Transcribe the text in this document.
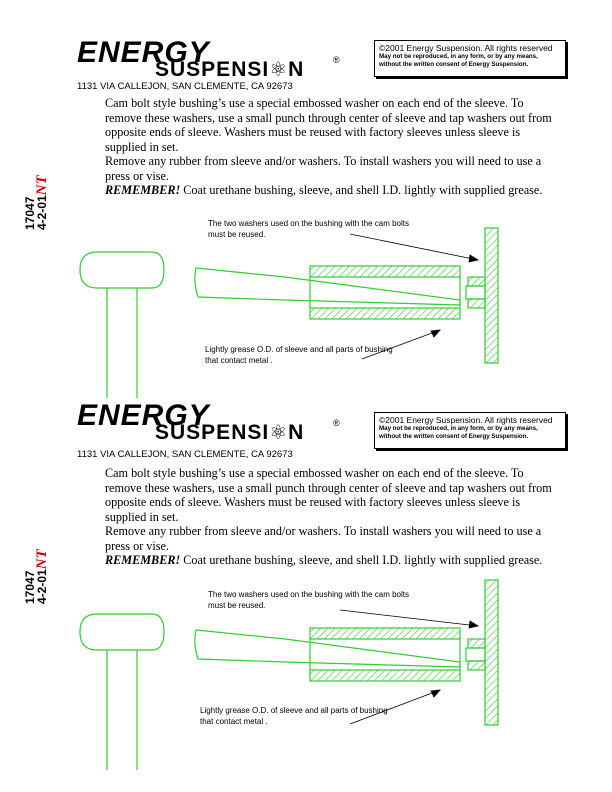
ENERGY
SUSPENSI⚛N	®
©2001 Energy Suspension. All rights reserved
May not be reproduced, in any form, or by any means, without the written consent of Energy Suspension.
1131 VIA CALLEJON, SAN CLEMENTE, CA 92673

Cam bolt style bushing’s use a special embossed washer on each end of the sleeve. To remove these washers, use a small punch through center of sleeve and tap washers out from opposite ends of sleeve. Washers must be reused with factory sleeves unless sleeve is supplied in set.

Remove any rubber from sleeve and/or washers. To install washers you will need to use a press or vise.

REMEMBER! Coat urethane bushing, sleeve, and shell I.D. lightly with supplied grease.

17047
4-2-01NT
The two washers used on the bushing with the cam bolts must be reused.
Lightly grease O.D. of sleeve and all parts of bushing that contact metal .
ENERGY
SUSPENSI⚛N	®	©2001 Energy Suspension. All rights reserved
May not be reproduced, in any form, or by any means, without the written consent of Energy Suspension.
1131 VIA CALLEJON, SAN CLEMENTE, CA 92673

Cam bolt style bushing’s use a special embossed washer on each end of the sleeve. To remove these washers, use a small punch through center of sleeve and tap washers out from opposite ends of sleeve. Washers must be reused with factory sleeves unless sleeve is supplied in set.

Remove any rubber from sleeve and/or washers. To install washers you will need to use a press or vise.

REMEMBER! Coat urethane bushing, sleeve, and shell I.D. lightly with supplied grease.

17047
4-2-01NT
The two washers used on the bushing with the cam bolts must be reused.
Lightly grease O.D. of sleeve and all parts of bushing that contact metal .
